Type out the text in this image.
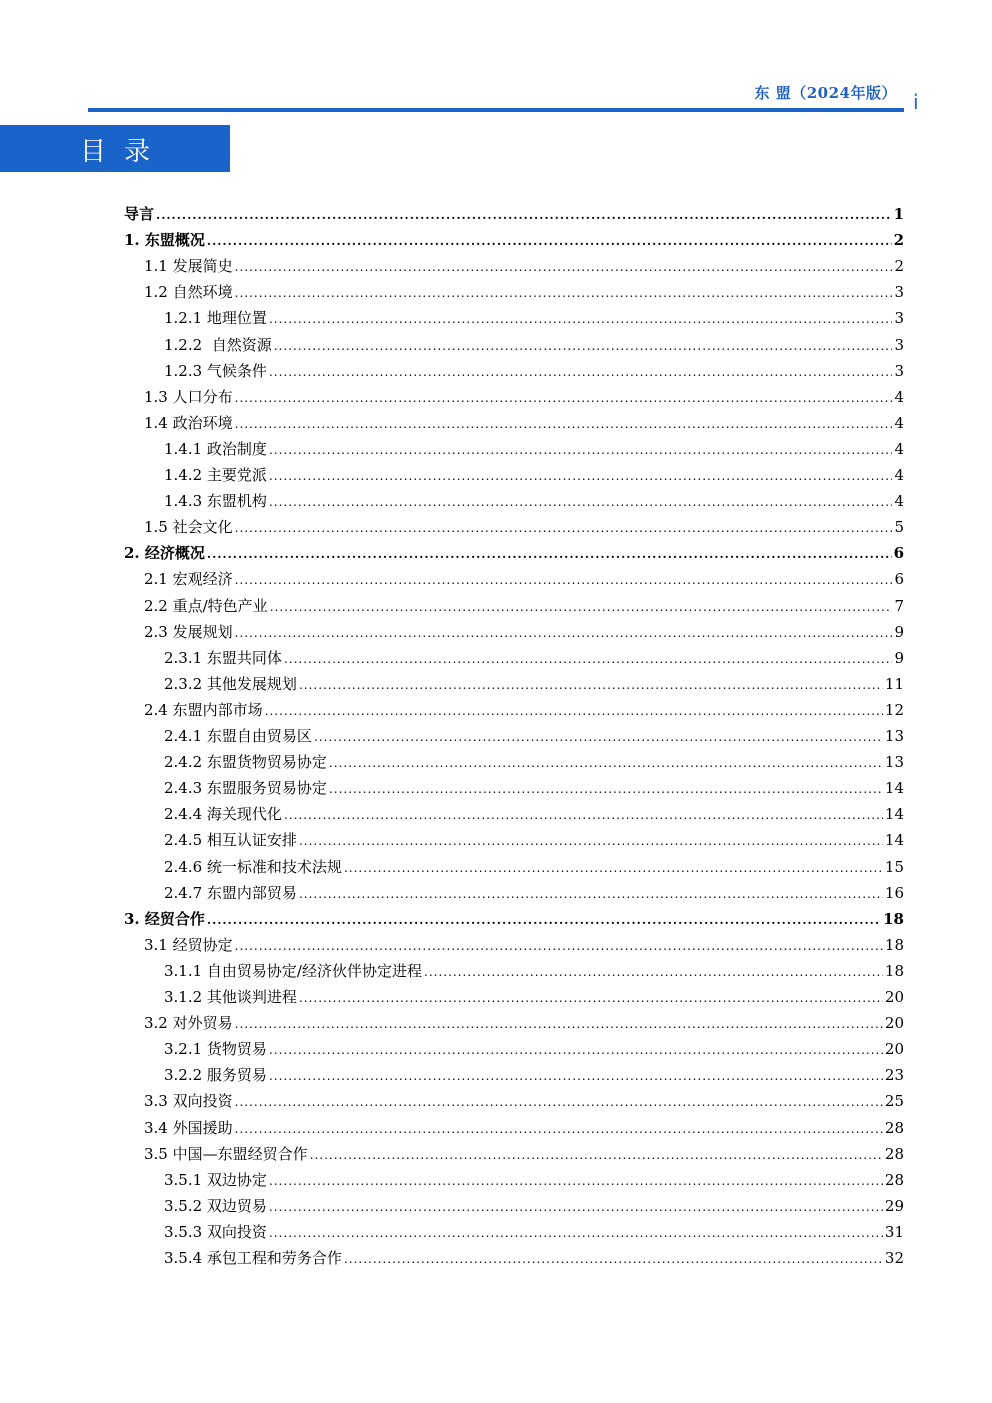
东 盟（2024年版） i
目录
导言 .....	1
1. 东盟概况 .....	2
1.1 发展简史 .....	2
1.2 自然环境 .....	3
1.2.1 地理位置 .....	3
1.2.2  自然资源 .....	3
1.2.3 气候条件 .....	3
1.3 人口分布 .....	4
1.4 政治环境 .....	4
1.4.1 政治制度 .....	4
1.4.2 主要党派 .....	4
1.4.3 东盟机构 .....	4
1.5 社会文化 .....	5
2. 经济概况 .....	6
2.1 宏观经济 .....	6
2.2 重点/特色产业 .....	7
2.3 发展规划 .....	9
2.3.1 东盟共同体 .....	9
2.3.2 其他发展规划 .....	11
2.4 东盟内部市场 .....	12
2.4.1 东盟自由贸易区 .....	13
2.4.2 东盟货物贸易协定 .....	13
2.4.3 东盟服务贸易协定 .....	14
2.4.4 海关现代化 .....	14
2.4.5 相互认证安排 .....	14
2.4.6 统一标准和技术法规 .....	15
2.4.7 东盟内部贸易 .....	16
3. 经贸合作 .....	18
3.1 经贸协定 .....	18
3.1.1 自由贸易协定/经济伙伴协定进程 .....	18
3.1.2 其他谈判进程 .....	20
3.2 对外贸易 .....	20
3.2.1 货物贸易 .....	20
3.2.2 服务贸易 .....	23
3.3 双向投资 .....	25
3.4 外国援助 .....	28
3.5 中国—东盟经贸合作 .....	28
3.5.1 双边协定 .....	28
3.5.2 双边贸易 .....	29
3.5.3 双向投资 .....	31
3.5.4 承包工程和劳务合作 .....	32
